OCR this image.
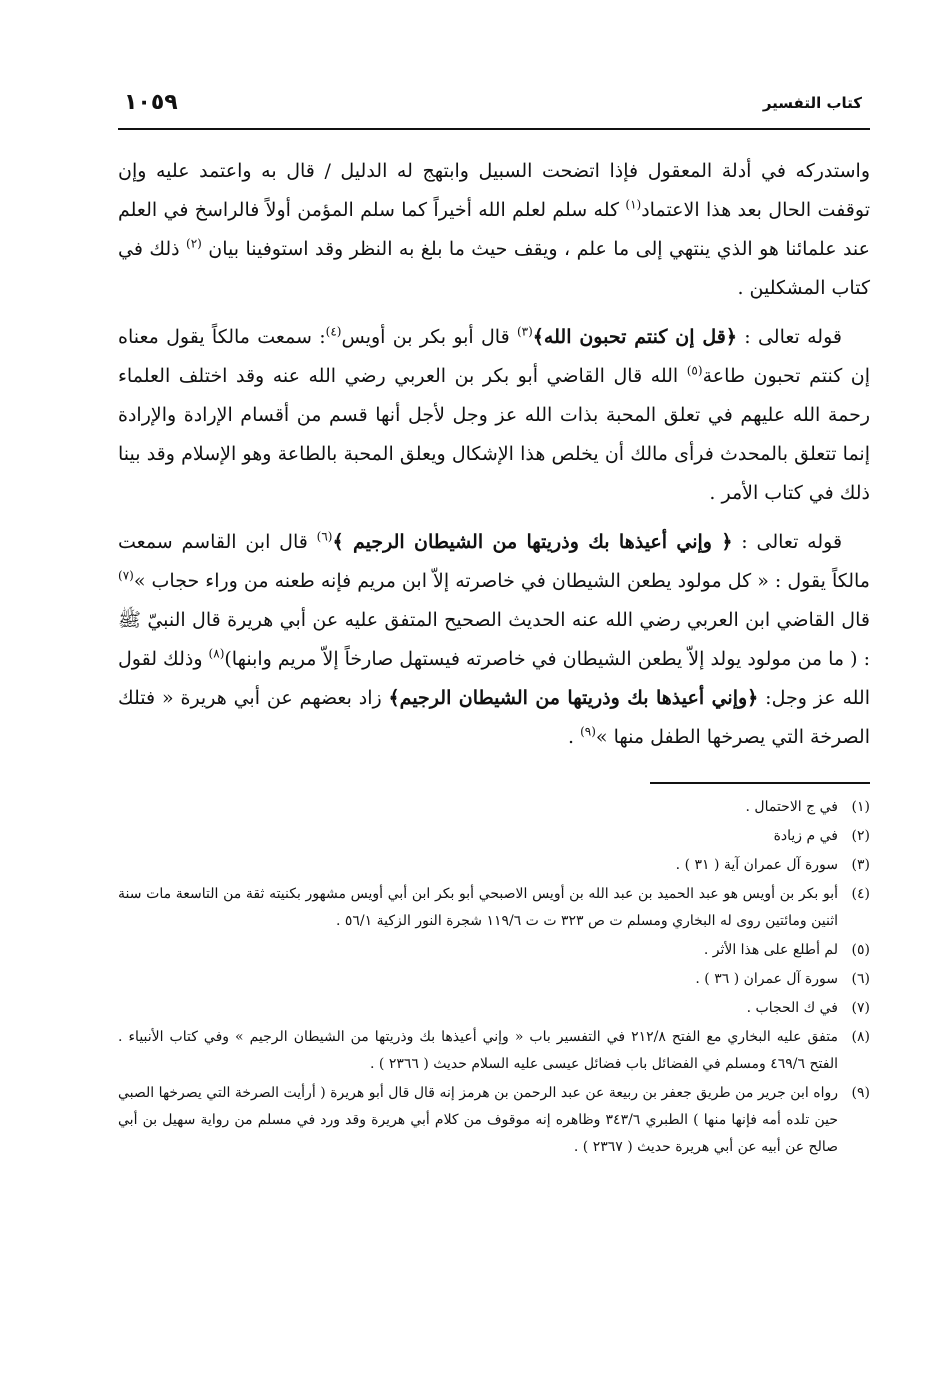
كتاب التفسير
١٠٥٩

واستدركه في أدلة المعقول فإذا اتضحت السبيل وابتهج له الدليل / قال به واعتمد عليه وإن توقفت الحال بعد هذا الاعتماد$^{(١)}$ كله سلم لعلم الله أخيراً كما سلم المؤمن أولاً فالراسخ في العلم عند علمائنا هو الذي ينتهي إلى ما علم ، ويقف حيث ما بلغ به النظر وقد استوفينا بيان $^{(٢)}$ ذلك في كتاب المشكلين .

قوله تعالى : ﴿قل إن كنتم تحبون الله﴾$^{(٣)}$ قال أبو بكر بن أويس$^{(٤)}$: سمعت مالكاً يقول معناه إن كنتم تحبون طاعة$^{(٥)}$ الله قال القاضي أبو بكر بن العربي رضي الله عنه وقد اختلف العلماء رحمة الله عليهم في تعلق المحبة بذات الله عز وجل لأجل أنها قسم من أقسام الإرادة والإرادة إنما تتعلق بالمحدث فرأى مالك أن يخلص هذا الإشكال ويعلق المحبة بالطاعة وهو الإسلام وقد بينا ذلك في كتاب الأمر .

قوله تعالى : ﴿ وإني أعيذها بك وذريتها من الشيطان الرجيم ﴾$^{(٦)}$ قال ابن القاسم سمعت مالكاً يقول : « كل مولود يطعن الشيطان في خاصرته إلاّ ابن مريم فإنه طعنه من وراء حجاب »$^{(٧)}$ قال القاضي ابن العربي رضي الله عنه الحديث الصحيح المتفق عليه عن أبي هريرة قال النبيّ ﷺ : ( ما من مولود يولد إلاّ يطعن الشيطان في خاصرته فيستهل صارخاً إلاّ مريم وابنها)$^{(٨)}$ وذلك لقول الله عز وجل: ﴿وإني أعيذها بك وذريتها من الشيطان الرجيم﴾ زاد بعضهم عن أبي هريرة « فتلك الصرخة التي يصرخها الطفل منها »$^{(٩)}$ .

(١)
في ج الاحتمال .
(٢)
في م زيادة
(٣)
سورة آل عمران آية ( ٣١ ) .
(٤)
أبو بكر بن أويس هو عبد الحميد بن عبد الله بن أويس الاصبحي أبو بكر ابن أبي أويس مشهور بكنيته ثقة من التاسعة مات سنة اثنين ومائتين روى له البخاري ومسلم ت ص ٣٢٣ ت ت ١١٩/٦ شجرة النور الزكية ٥٦/١ .
(٥)
لم أطلع على هذا الأثر .
(٦)
سورة آل عمران ( ٣٦ ) .
(٧)
في ك الحجاب .
(٨)
متفق عليه البخاري مع الفتح ٢١٢/٨ في التفسير باب « وإني أعيذها بك وذريتها من الشيطان الرجيم » وفي كتاب الأنبياء . الفتح ٤٦٩/٦ ومسلم في الفضائل باب فضائل عيسى عليه السلام حديث ( ٢٣٦٦ ) .
(٩)
رواه ابن جرير من طريق جعفر بن ربيعة عن عبد الرحمن بن هرمز إنه قال قال أبو هريرة ( أرأيت الصرخة التي يصرخها الصبي حين تلده أمه فإنها منها ) الطبري ٣٤٣/٦ وظاهره إنه موقوف من كلام أبي هريرة وقد ورد في مسلم من رواية سهيل بن أبي صالح عن أبيه عن أبي هريرة حديث ( ٢٣٦٧ ) .
